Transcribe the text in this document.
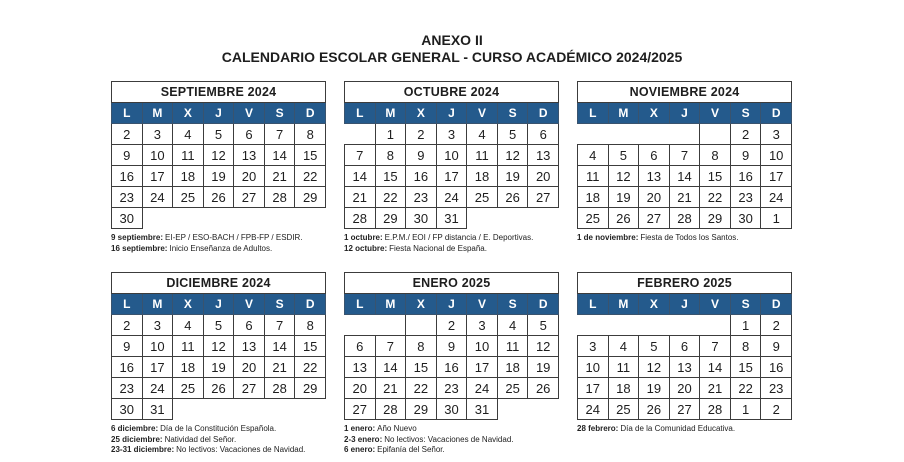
ANEXO II
CALENDARIO ESCOLAR GENERAL - CURSO ACADÉMICO 2024/2025
SEPTIEMBRE 2024						
L	M	X	J	V	S	D
2	3	4	5	6	7	8
9	10	11	12	13	14	15
16	17	18	19	20	21	22
23	24	25	26	27	28	29
30						
9 septiembre: EI-EP / ESO-BACH / FPB-FP / ESDIR.
16 septiembre: Inicio Enseñanza de Adultos.
OCTUBRE 2024						
L	M	X	J	V	S	D
	1	2	3	4	5	6
7	8	9	10	11	12	13
14	15	16	17	18	19	20
21	22	23	24	25	26	27
28	29	30	31			
1 octubre: E.P.M./ EOI / FP distancia / E. Deportivas.
12 octubre: Fiesta Nacional de España.
NOVIEMBRE 2024						
L	M	X	J	V	S	D
				1	2	3
4	5	6	7	8	9	10
11	12	13	14	15	16	17
18	19	20	21	22	23	24
25	26	27	28	29	30	1
1 de noviembre: Fiesta de Todos los Santos.
DICIEMBRE 2024						
L	M	X	J	V	S	D
2	3	4	5	6	7	8
9	10	11	12	13	14	15
16	17	18	19	20	21	22
23	24	25	26	27	28	29
30	31					
6 diciembre: Día de la Constitución Española.
25 diciembre: Natividad del Señor.
23-31 diciembre: No lectivos: Vacaciones de Navidad.
ENERO 2025						
L	M	X	J	V	S	D
		1	2	3	4	5
6	7	8	9	10	11	12
13	14	15	16	17	18	19
20	21	22	23	24	25	26
27	28	29	30	31		
1 enero: Año Nuevo
2-3 enero: No lectivos: Vacaciones de Navidad.
6 enero: Epifanía del Señor.
FEBRERO 2025						
L	M	X	J	V	S	D
					1	2
3	4	5	6	7	8	9
10	11	12	13	14	15	16
17	18	19	20	21	22	23
24	25	26	27	28	1	2
28 febrero: Día de la Comunidad Educativa.
